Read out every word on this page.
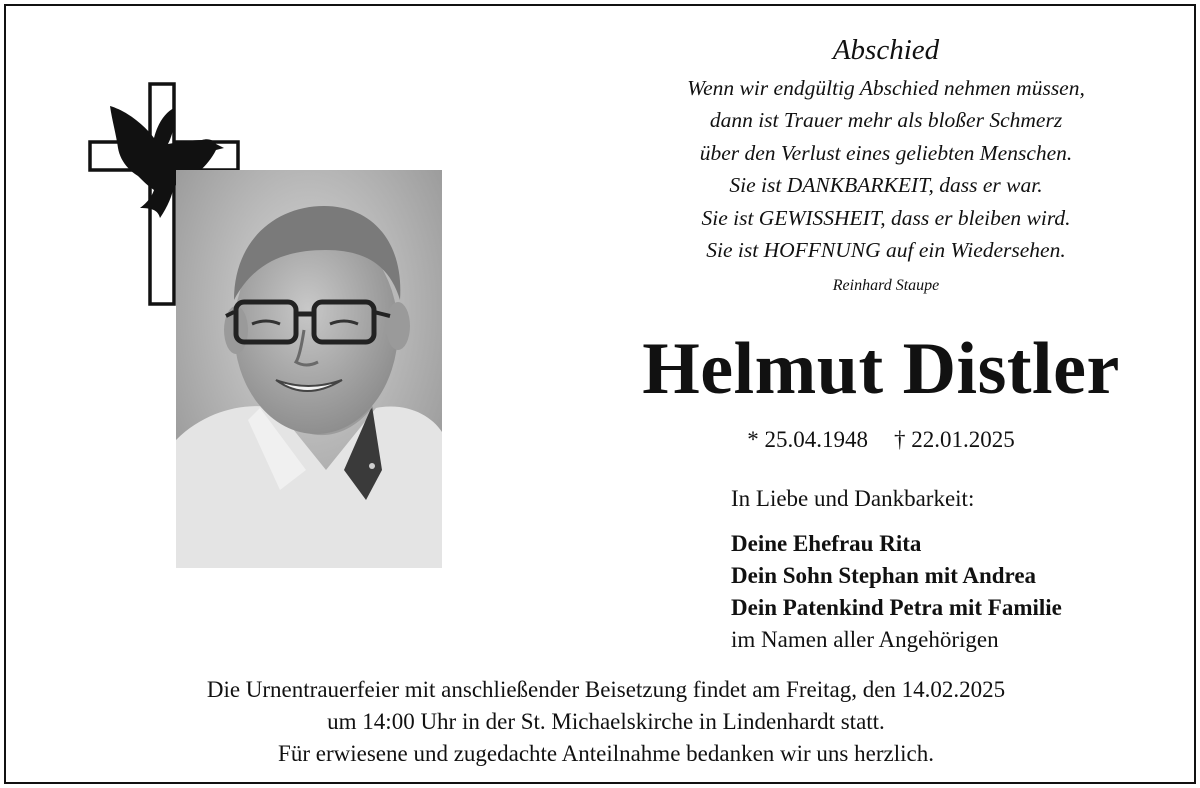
Abschied
Wenn wir endgültig Abschied nehmen müssen,
dann ist Trauer mehr als bloßer Schmerz
über den Verlust eines geliebten Menschen.
Sie ist DANKBARKEIT, dass er war.
Sie ist GEWISSHEIT, dass er bleiben wird.
Sie ist HOFFNUNG auf ein Wiedersehen.
Reinhard Staupe
Helmut Distler
* 25.04.1948 † 22.01.2025
In Liebe und Dankbarkeit:
Deine Ehefrau Rita
Dein Sohn Stephan mit Andrea
Dein Patenkind Petra mit Familie
im Namen aller Angehörigen
Die Urnentrauerfeier mit anschließender Beisetzung findet am Freitag, den 14.02.2025
um 14:00 Uhr in der St. Michaelskirche in Lindenhardt statt.
Für erwiesene und zugedachte Anteilnahme bedanken wir uns herzlich.
